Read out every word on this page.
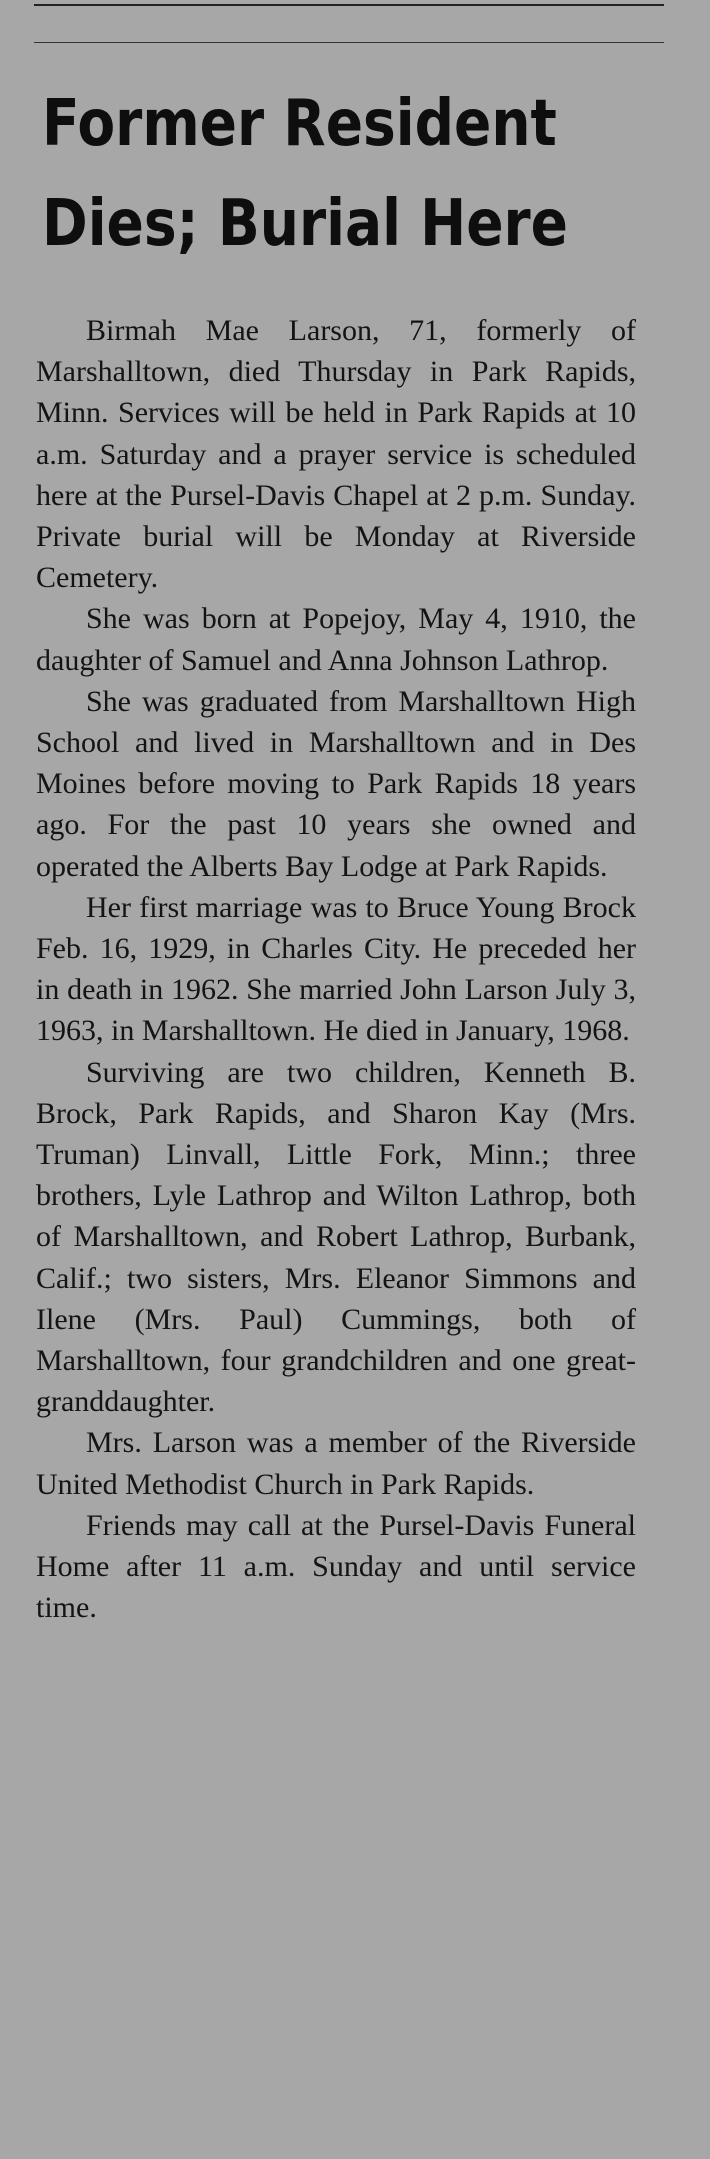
Former Resident
Dies; Burial Here

Birmah Mae Larson, 71, formerly of Marshalltown, died Thursday in Park Rapids, Minn. Services will be held in Park Rapids at 10 a.m. Saturday and a prayer service is scheduled here at the Pursel-Davis Chapel at 2 p.m. Sunday. Private burial will be Monday at Riverside Cemetery.

She was born at Popejoy, May 4, 1910, the daughter of Samuel and Anna Johnson Lathrop.

She was graduated from Marshalltown High School and lived in Marshalltown and in Des Moines before moving to Park Rapids 18 years ago. For the past 10 years she owned and operated the Alberts Bay Lodge at Park Rapids.

Her first marriage was to Bruce Young Brock Feb. 16, 1929, in Charles City. He preceded her in death in 1962. She married John Larson July 3, 1963, in Marshalltown. He died in January, 1968.

Surviving are two children, Kenneth B. Brock, Park Rapids, and Sharon Kay (Mrs. Truman) Linvall, Little Fork, Minn.; three brothers, Lyle Lathrop and Wilton Lathrop, both of Marshalltown, and Robert Lathrop, Burbank, Calif.; two sisters, Mrs. Eleanor Simmons and Ilene (Mrs. Paul) Cummings, both of Marshalltown, four grandchildren and one great-granddaughter.

Mrs. Larson was a member of the Riverside United Methodist Church in Park Rapids.

Friends may call at the Pursel-Davis Funeral Home after 11 a.m. Sunday and until service time.
